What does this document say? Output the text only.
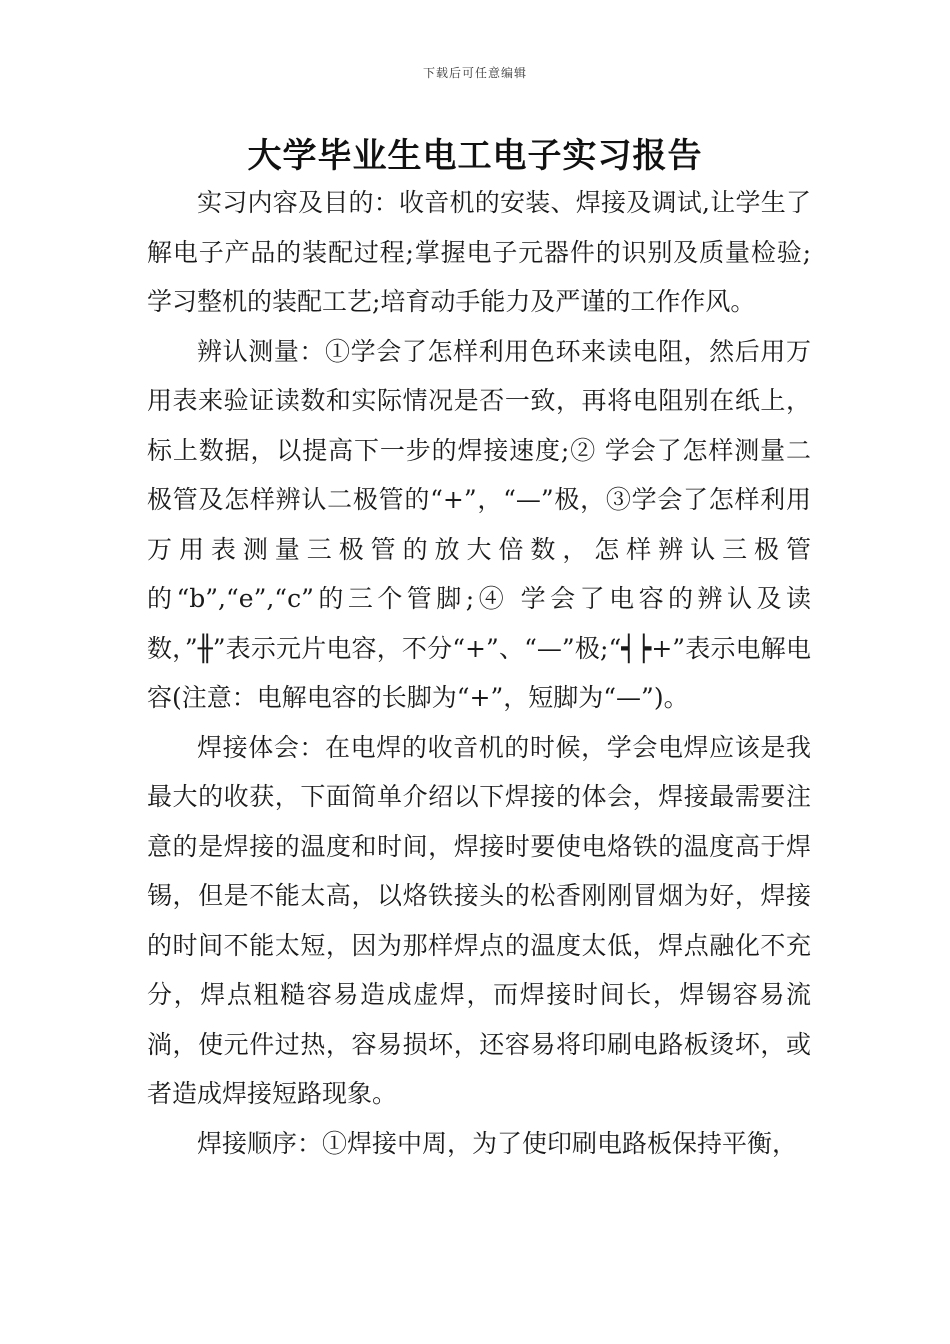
下载后可任意编辑
大学毕业生电工电子实习报告

实习内容及目的：收音机的安装、焊接及调试,让学生了解电子产品的装配过程;掌握电子元器件的识别及质量检验;学习整机的装配工艺;培育动手能力及严谨的工作作风。

辨认测量：①学会了怎样利用色环来读电阻，然后用万用表来验证读数和实际情况是否一致，再将电阻别在纸上，标上数据，以提高下一步的焊接速度;② 学会了怎样测量二极管及怎样辨认二极管的“+”，“—”极，③学会了怎样利用万用表测量三极管的放大倍数，怎样辨认三极管的“b”,“e”,“c”的三个管脚;④ 学会了电容的辨认及读数，”╫”表示元片电容，不分“+”、“—”极;“┥┝+”表示电解电容(注意：电解电容的长脚为“+”，短脚为“—”)。

焊接体会：在电焊的收音机的时候，学会电焊应该是我最大的收获，下面简单介绍以下焊接的体会，焊接最需要注意的是焊接的温度和时间，焊接时要使电烙铁的温度高于焊锡，但是不能太高，以烙铁接头的松香刚刚冒烟为好，焊接的时间不能太短，因为那样焊点的温度太低，焊点融化不充分，焊点粗糙容易造成虚焊，而焊接时间长，焊锡容易流淌，使元件过热，容易损坏，还容易将印刷电路板烫坏，或者造成焊接短路现象。

焊接顺序：①焊接中周，为了使印刷电路板保持平衡，
